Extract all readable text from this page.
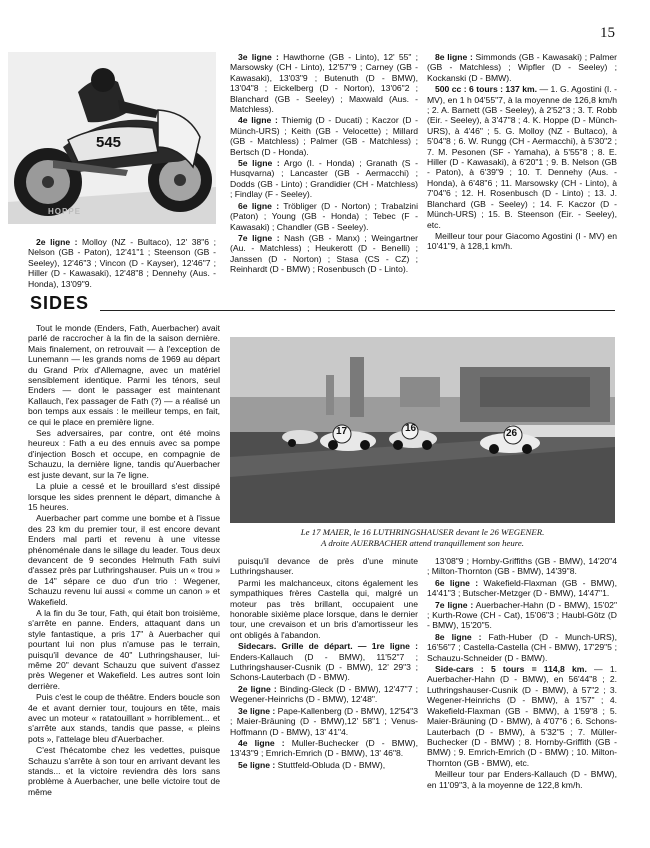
15
545
HOPPE

2e ligne : Molloy (NZ - Bultaco), 12' 38"6 ; Nelson (GB - Paton), 12'41"1 ; Steenson (GB - Seeley), 12'46"3 ; Vincon (D - Kayser), 12'46"7 ; Hiller (D - Kawasaki), 12'48"8 ; Dennehy (Aus. - Honda), 13'09"9.

3e ligne : Hawthorne (GB - Linto), 12' 55" ; Marsowsky (CH - Linto), 12'57"9 ; Carney (GB - Kawasaki), 13'03"9 ; Butenuth (D - BMW), 13'04"8 ; Eickelberg (D - Norton), 13'06"2 ; Blanchard (GB - Seeley) ; Maxwald (Aus. - Matchless).

4e ligne : Thiemig (D - Ducati) ; Kaczor (D - Münch-URS) ; Keith (GB - Velocette) ; Millard (GB - Matchless) ; Palmer (GB - Matchless) ; Bertsch (D - Honda).

5e ligne : Argo (I. - Honda) ; Granath (S - Husqvarna) ; Lancaster (GB - Aermacchi) ; Dodds (GB - Linto) ; Grandidier (CH - Matchless) ; Findlay (F - Seeley).

6e ligne : Tröbliger (D - Norton) ; Trabalzini (Paton) ; Young (GB - Honda) ; Tebec (F - Kawasaki) ; Chandler (GB - Seeley).

7e ligne : Nash (GB - Manx) ; Weingartner (Au. - Matchless) ; Heukerott (D - Benelli) ; Janssen (D - Norton) ; Stasa (CS - CZ) ; Reinhardt (D - BMW) ; Rosenbusch (D - Linto).

8e ligne : Simmonds (GB - Kawasaki) ; Palmer (GB - Matchless) ; Wipfler (D - Seeley) ; Kockanski (D - BMW).

500 cc : 6 tours : 137 km. — 1. G. Agostini (I. - MV), en 1 h 04'55"7, à la moyenne de 126,8 km/h ; 2. A. Barnett (GB - Seeley), à 2'52"3 ; 3. T. Robb (Eir. - Seeley), à 3'47"8 ; 4. K. Hoppe (D - Münch-URS), à 4'46" ; 5. G. Molloy (NZ - Bultaco), à 5'04"8 ; 6. W. Rungg (CH - Aermacchi), à 5'30"2 ; 7. M. Pesonen (SF - Yamaha), à 5'55"8 ; 8. E. Hiller (D - Kawasaki), à 6'20"1 ; 9. B. Nelson (GB - Paton), à 6'39"9 ; 10. T. Dennehy (Aus. - Honda), à 6'48"6 ; 11. Marsowsky (CH - Linto), à 7'04"6 ; 12. H. Rosenbusch (D - Linto) ; 13. J. Blanchard (GB - Seeley) ; 14. F. Kaczor (D - Münch-URS) ; 15. B. Steenson (Eir. - Seeley), etc.

Meilleur tour pour Giacomo Agostini (I - MV) en 10'41"9, à 128,1 km/h.

SIDES

Tout le monde (Enders, Fath, Auerbacher) avait parlé de raccrocher à la fin de la saison dernière. Mais finalement, on retrouvait — à l'exception de Lunemann — les grands noms de 1969 au départ du Grand Prix d'Allemagne, avec un matériel sensiblement identique. Parmi les ténors, seul Enders — dont le passager est maintenant Kallauch, l'ex passager de Fath (?) — a réalisé un bon temps aux essais : le meilleur temps, en fait, ce qui le place en première ligne.

Ses adversaires, par contre, ont été moins heureux : Fath a eu des ennuis avec sa pompe d'injection Bosch et occupe, en compagnie de Schauzu, la dernière ligne, tandis qu'Auerbacher est juste devant, sur la 7e ligne.

La pluie a cessé et le brouillard s'est dissipé lorsque les sides prennent le départ, dimanche à 15 heures.

Auerbacher part comme une bombe et à l'issue des 23 km du premier tour, il est encore devant Enders mal parti et revenu à une vitesse phénoménale dans le sillage du leader. Tous deux devancent de 9 secondes Helmuth Fath suivi d'assez près par Luthringshauser. Puis un « trou » de 14" sépare ce duo d'un trio : Wegener, Schauzu revenu lui aussi « comme un canon » et Wakefield.

A la fin du 3e tour, Fath, qui était bon troisième, s'arrête en panne. Enders, attaquant dans un style fantastique, a pris 17" à Auerbacher qui pourtant lui non plus n'amuse pas le terrain, puisqu'il devance de 40" Luthringshauser, lui-même 20" devant Schauzu que suivent d'assez près Wegener et Wakefield. Les autres sont loin derrière.

Puis c'est le coup de théâtre. Enders boucle son 4e et avant dernier tour, toujours en tête, mais avec un moteur « ratatouillant » horriblement... et s'arrête aux stands, tandis que passe, « pleins pots », l'attelage bleu d'Auerbacher.

C'est l'hécatombe chez les vedettes, puisque Schauzu s'arrête à son tour en arrivant devant les stands... et la victoire reviendra dès lors sans problème à Auerbacher, une belle victoire tout de même

17	16	26
Le 17 MAIER, le 16 LUTHRINGSHAUSER devant le 26 WEGENER.
A droite AUERBACHER attend tranquillement son heure.

puisqu'il devance de près d'une minute Luthringshauser.

Parmi les malchanceux, citons également les sympathiques frères Castella qui, malgré un moteur pas très brillant, occupaient une honorable sixième place lorsque, dans le dernier tour, une crevaison et un bris d'amortisseur les ont obligés à l'abandon.

Sidecars. Grille de départ. — 1re ligne : Enders-Kallauch (D - BMW), 11'52"7 ; Luthringshauser-Cusnik (D - BMW), 12' 29"3 ; Schons-Lauterbach (D - BMW).

2e ligne : Binding-Gleck (D - BMW), 12'47"7 ; Wegener-Heinrichs (D - BMW), 12'48".

3e ligne : Pape-Kallenberg (D - BMW), 12'54"3 ; Maier-Bräuning (D - BMW),12' 58"1 ; Venus-Hoffmann (D - BMW), 13' 41"4.

4e ligne : Muller-Buchecker (D - BMW), 13'43"9 ; Emrich-Emrich (D - BMW), 13' 46"8.

5e ligne : Stuttfeld-Obluda (D - BMW),

13'08"9 ; Hornby-Griffiths (GB - BMW), 14'20"4 ; Milton-Thornton (GB - BMW), 14'39"8.

6e ligne : Wakefield-Flaxman (GB - BMW), 14'41"3 ; Butscher-Metzger (D - BMW), 14'47"1.

7e ligne : Auerbacher-Hahn (D - BMW), 15'02" ; Kurth-Rowe (CH - Cat), 15'06"3 ; Haubl-Götz (D - BMW), 15'20"5.

8e ligne : Fath-Huber (D - Munch-URS), 16'56"7 ; Castella-Castella (CH - BMW), 17'29"5 ; Schauzu-Schneider (D - BMW).

Side-cars : 5 tours = 114,8 km. — 1. Auerbacher-Hahn (D - BMW), en 56'44"8 ; 2. Luthringshauser-Cusnik (D - BMW), à 57"2 ; 3. Wegener-Heinrichs (D - BMW), à 1'57" ; 4. Wakefield-Flaxman (GB - BMW), à 1'59"8 ; 5. Maier-Bräuning (D - BMW), à 4'07"6 ; 6. Schons-Lauterbach (D - BMW), à 5'32"5 ; 7. Müller-Buchecker (D - BMW) ; 8. Hornby-Griffith (GB - BMW) ; 9. Emrich-Emrich (D - BMW) ; 10. Milton-Thornton (GB - BMW), etc.

Meilleur tour par Enders-Kallauch (D - BMW), en 11'09"3, à la moyenne de 122,8 km/h.
